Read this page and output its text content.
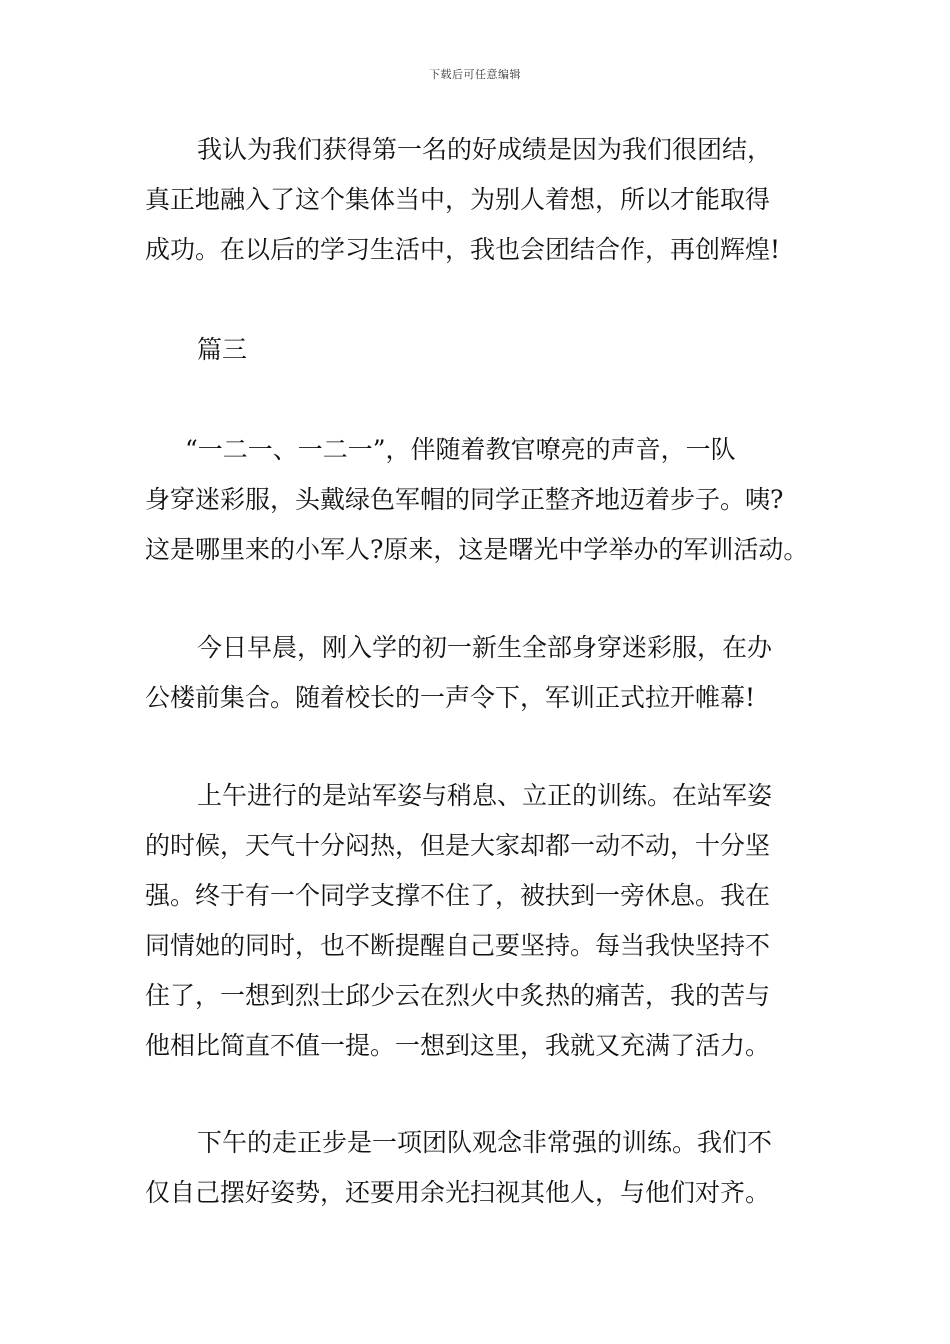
下载后可任意编辑
我认为我们获得第一名的好成绩是因为我们很团结，
真正地融入了这个集体当中，为别人着想，所以才能取得
成功。在以后的学习生活中，我也会团结合作，再创辉煌!
篇三
“一二一、一二一”，伴随着教官嘹亮的声音，一队
身穿迷彩服，头戴绿色军帽的同学正整齐地迈着步子。咦?
这是哪里来的小军人?原来，这是曙光中学举办的军训活动。
今日早晨，刚入学的初一新生全部身穿迷彩服，在办
公楼前集合。随着校长的一声令下，军训正式拉开帷幕!
上午进行的是站军姿与稍息、立正的训练。在站军姿
的时候，天气十分闷热，但是大家却都一动不动，十分坚
强。终于有一个同学支撑不住了，被扶到一旁休息。我在
同情她的同时，也不断提醒自己要坚持。每当我快坚持不
住了，一想到烈士邱少云在烈火中炙热的痛苦，我的苦与
他相比简直不值一提。一想到这里，我就又充满了活力。
下午的走正步是一项团队观念非常强的训练。我们不
仅自己摆好姿势，还要用余光扫视其他人，与他们对齐。
